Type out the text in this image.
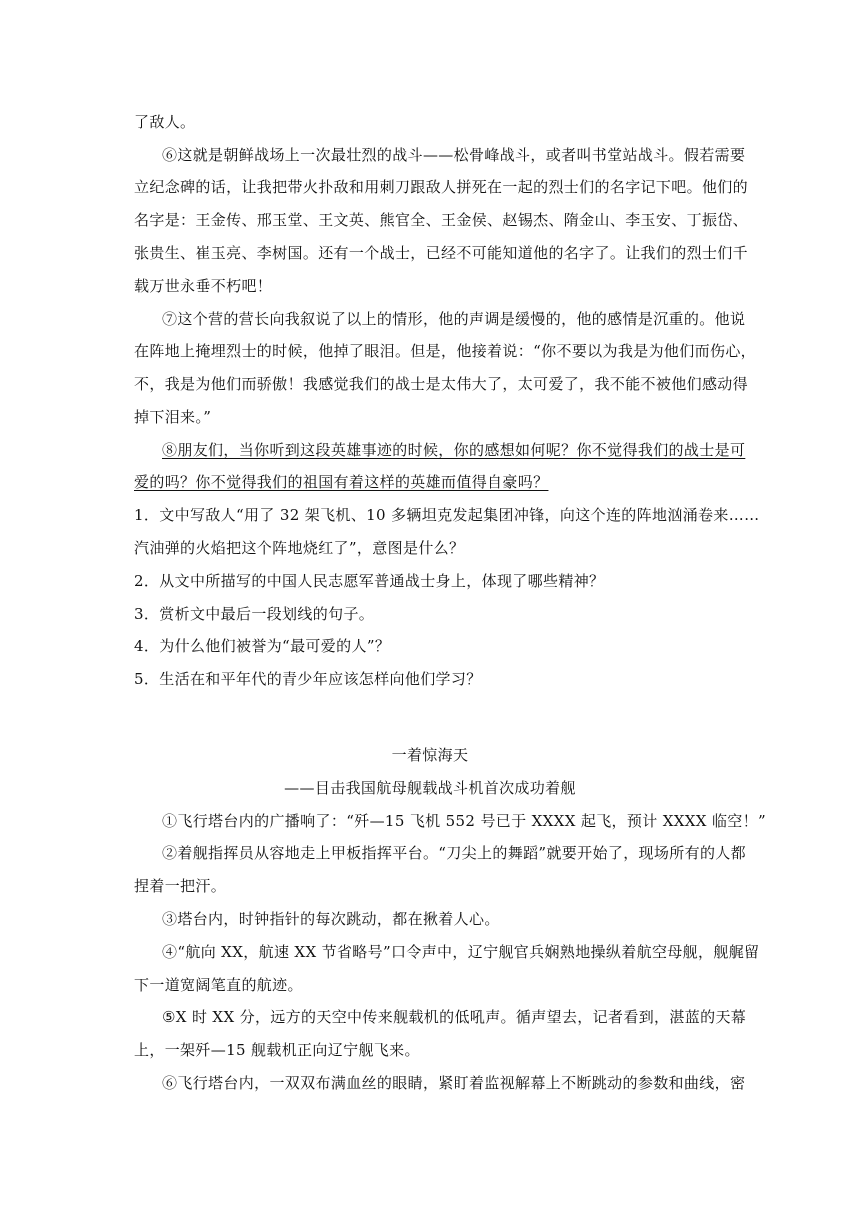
了敌人。
⑥这就是朝鲜战场上一次最壮烈的战斗——松骨峰战斗，或者叫书堂站战斗。假若需要
立纪念碑的话，让我把带火扑敌和用刺刀跟敌人拼死在一起的烈士们的名字记下吧。他们的
名字是：王金传、邢玉堂、王文英、熊官全、王金侯、赵锡杰、隋金山、李玉安、丁振岱、
张贵生、崔玉亮、李树国。还有一个战士，已经不可能知道他的名字了。让我们的烈士们千
载万世永垂不朽吧！
⑦这个营的营长向我叙说了以上的情形，他的声调是缓慢的，他的感情是沉重的。他说
在阵地上掩埋烈士的时候，他掉了眼泪。但是，他接着说：“你不要以为我是为他们而伤心，
不，我是为他们而骄傲！我感觉我们的战士是太伟大了，太可爱了，我不能不被他们感动得
掉下泪来。”
⑧朋友们，当你听到这段英雄事迹的时候，你的感想如何呢？你不觉得我们的战士是可
爱的吗？你不觉得我们的祖国有着这样的英雄而值得自豪吗？
1．文中写敌人“用了 32 架飞机、10 多辆坦克发起集团冲锋，向这个连的阵地汹涌卷来……
汽油弹的火焰把这个阵地烧红了”，意图是什么？
2．从文中所描写的中国人民志愿军普通战士身上，体现了哪些精神？
3．赏析文中最后一段划线的句子。
4．为什么他们被誉为“最可爱的人”？
5．生活在和平年代的青少年应该怎样向他们学习？
一着惊海天
——目击我国航母舰载战斗机首次成功着舰
①飞行塔台内的广播响了：“歼—15 飞机 552 号已于 XXXX 起飞，预计 XXXX 临空！”
②着舰指挥员从容地走上甲板指挥平台。“刀尖上的舞蹈”就要开始了，现场所有的人都
捏着一把汗。
③塔台内，时钟指针的每次跳动，都在揪着人心。
④“航向 XX，航速 XX 节省略号”口令声中，辽宁舰官兵娴熟地操纵着航空母舰，舰艉留
下一道宽阔笔直的航迹。
⑤X 时 XX 分，远方的天空中传来舰载机的低吼声。循声望去，记者看到，湛蓝的天幕
上，一架歼—15 舰载机正向辽宁舰飞来。
⑥飞行塔台内，一双双布满血丝的眼睛，紧盯着监视解幕上不断跳动的参数和曲线，密
